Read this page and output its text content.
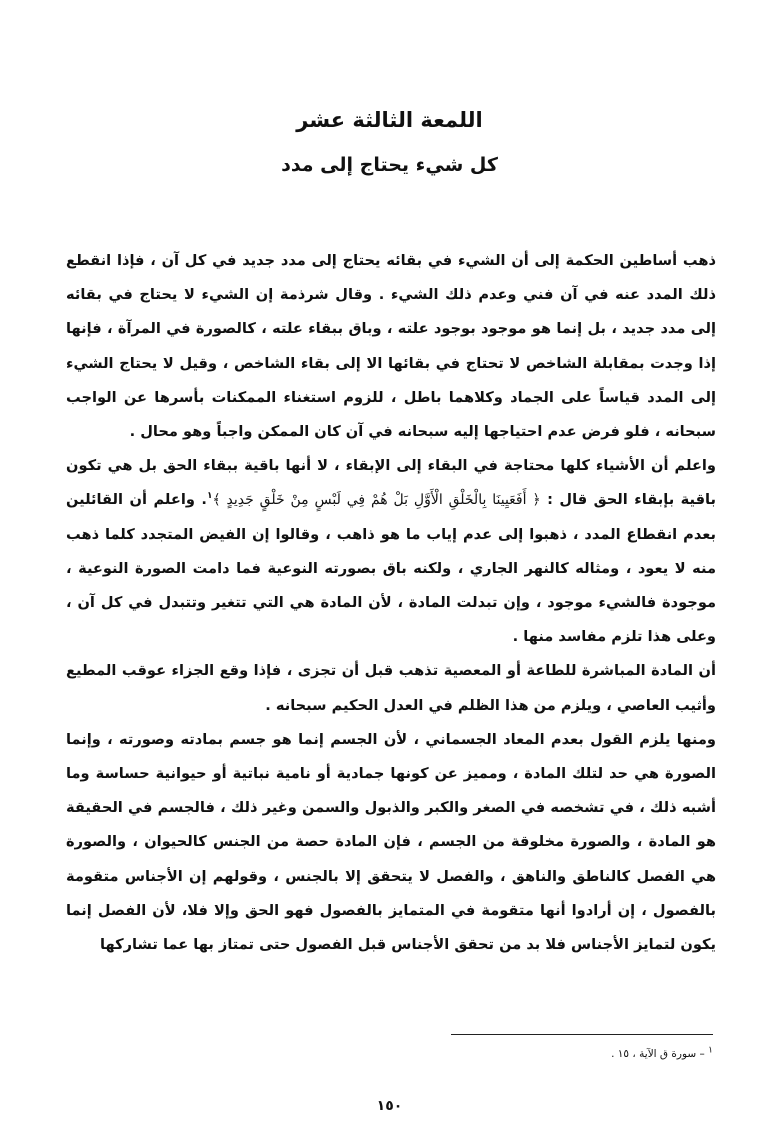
اللمعة الثالثة عشر
كل شيء يحتاج إلى مدد

ذهب أساطين الحكمة إلى أن الشيء في بقائه يحتاج إلى مدد جديد في كل آن ، فإذا انقطع ذلك المدد عنه في آن فني وعدم ذلك الشيء . وقال شرذمة إن الشيء لا يحتاج في بقائه إلى مدد جديد ، بل إنما هو موجود بوجود علته ، وباق ببقاء علته ، كالصورة في المرآة ، فإنها إذا وجدت بمقابلة الشاخص لا تحتاج في بقائها الا إلى بقاء الشاخص ، وقيل لا يحتاج الشيء إلى المدد قياساً على الجماد وكلاهما باطل ، للزوم استغناء الممكنات بأسرها عن الواجب سبحانه ، فلو فرض عدم احتياجها إليه سبحانه في آن كان الممكن واجباً وهو محال .

واعلم أن الأشياء كلها محتاجة في البقاء إلى الإبقاء ، لا أنها باقية ببقاء الحق بل هي تكون باقية بإبقاء الحق قال : ﴿ أَفَعَيِينَا بِالْخَلْقِ الْأَوَّلِ بَلْ هُمْ فِي لَبْسٍ مِنْ خَلْقٍ جَدِيدٍ ﴾$^١$. واعلم أن القائلين بعدم انقطاع المدد ، ذهبوا إلى عدم إياب ما هو ذاهب ، وقالوا إن الفيض المتجدد كلما ذهب منه لا يعود ، ومثاله كالنهر الجاري ، ولكنه باق بصورته النوعية فما دامت الصورة النوعية ، موجودة فالشيء موجود ، وإن تبدلت المادة ، لأن المادة هي التي تتغير وتتبدل في كل آن ، وعلى هذا تلزم مفاسد منها .

أن المادة المباشرة للطاعة أو المعصية تذهب قبل أن تجزى ، فإذا وقع الجزاء عوقب المطيع وأثيب العاصي ، ويلزم من هذا الظلم في العدل الحكيم سبحانه .

ومنها يلزم القول بعدم المعاد الجسماني ، لأن الجسم إنما هو جسم بمادته وصورته ، وإنما الصورة هي حد لتلك المادة ، ومميز عن كونها جمادية أو نامية نباتية أو حيوانية حساسة وما أشبه ذلك ، في تشخصه في الصغر والكبر والذبول والسمن وغير ذلك ، فالجسم في الحقيقة هو المادة ، والصورة مخلوقة من الجسم ، فإن المادة حصة من الجنس كالحيوان ، والصورة هي الفصل كالناطق والناهق ، والفصل لا يتحقق إلا بالجنس ، وقولهم إن الأجناس متقومة بالفصول ، إن أرادوا أنها متقومة في المتمايز بالفصول فهو الحق وإلا فلا، لأن الفصل إنما يكون لتمايز الأجناس فلا بد من تحقق الأجناس قبل الفصول حتى تمتاز بها عما تشاركها

١ – سورة ق الآية ، ١٥ .
١٥٠
